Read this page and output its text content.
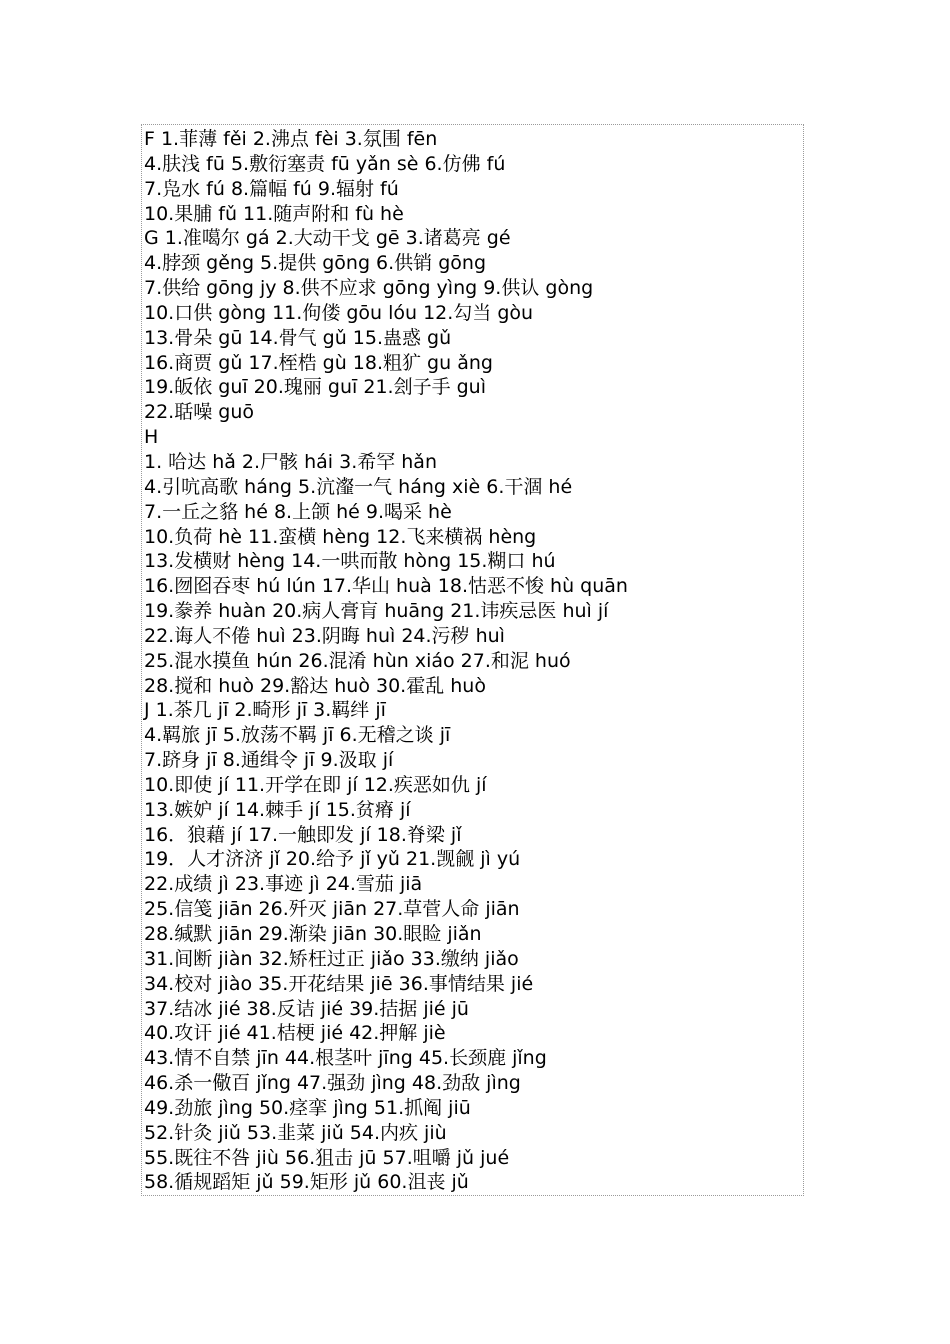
F 1.菲薄 fěi 2.沸点 fèi 3.氛围 fēn
4.肤浅 fū 5.敷衍塞责 fū yǎn sè 6.仿佛 fú
7.凫水 fú 8.篇幅 fú 9.辐射 fú
10.果脯 fǔ 11.随声附和 fù hè
G 1.准噶尔 gá 2.大动干戈 gē 3.诸葛亮 gé
4.脖颈 gěng 5.提供 gōng 6.供销 gōng
7.供给 gōng jy 8.供不应求 gōng yìng 9.供认 gòng
10.口供 gòng 11.佝偻 gōu lóu 12.勾当 gòu
13.骨朵 gū 14.骨气 gǔ 15.蛊惑 gǔ
16.商贾 gǔ 17.桎梏 gù 18.粗犷 gu ǎng
19.皈依 guī 20.瑰丽 guī 21.刽子手 guì
22.聒噪 guō
H
1. 哈达 hǎ 2.尸骸 hái 3.希罕 hǎn
4.引吭高歌 háng 5.沆瀣一气 háng xiè 6.干涸 hé
7.一丘之貉 hé 8.上颌 hé 9.喝采 hè
10.负荷 hè 11.蛮横 hèng 12.飞来横祸 hèng
13.发横财 hèng 14.一哄而散 hòng 15.糊口 hú
16.囫囵吞枣 hú lún 17.华山 huà 18.怙恶不悛 hù quān
19.豢养 huàn 20.病人膏肓 huāng 21.讳疾忌医 huì jí
22.诲人不倦 huì 23.阴晦 huì 24.污秽 huì
25.混水摸鱼 hún 26.混淆 hùn xiáo 27.和泥 huó
28.搅和 huò 29.豁达 huò 30.霍乱 huò
J 1.茶几 jī 2.畸形 jī 3.羁绊 jī
4.羁旅 jī 5.放荡不羁 jī 6.无稽之谈 jī
7.跻身 jī 8.通缉令 jī 9.汲取 jí
10.即使 jí 11.开学在即 jí 12.疾恶如仇 jí
13.嫉妒 jí 14.棘手 jí 15.贫瘠 jí
16．狼藉 jí 17.一触即发 jí 18.脊梁 jǐ
19．人才济济 jǐ 20.给予 jǐ yǔ 21.觊觎 jì yú
22.成绩 jì 23.事迹 jì 24.雪茄 jiā
25.信笺 jiān 26.歼灭 jiān 27.草菅人命 jiān
28.缄默 jiān 29.渐染 jiān 30.眼睑 jiǎn
31.间断 jiàn 32.矫枉过正 jiǎo 33.缴纳 jiǎo
34.校对 jiào 35.开花结果 jiē 36.事情结果 jié
37.结冰 jié 38.反诘 jié 39.拮据 jié jū
40.攻讦 jié 41.桔梗 jié 42.押解 jiè
43.情不自禁 jīn 44.根茎叶 jīng 45.长颈鹿 jǐng
46.杀一儆百 jǐng 47.强劲 jìng 48.劲敌 jìng
49.劲旅 jìng 50.痉挛 jìng 51.抓阄 jiū
52.针灸 jiǔ 53.韭菜 jiǔ 54.内疚 jiù
55.既往不咎 jiù 56.狙击 jū 57.咀嚼 jǔ jué
58.循规蹈矩 jǔ 59.矩形 jǔ 60.沮丧 jǔ
